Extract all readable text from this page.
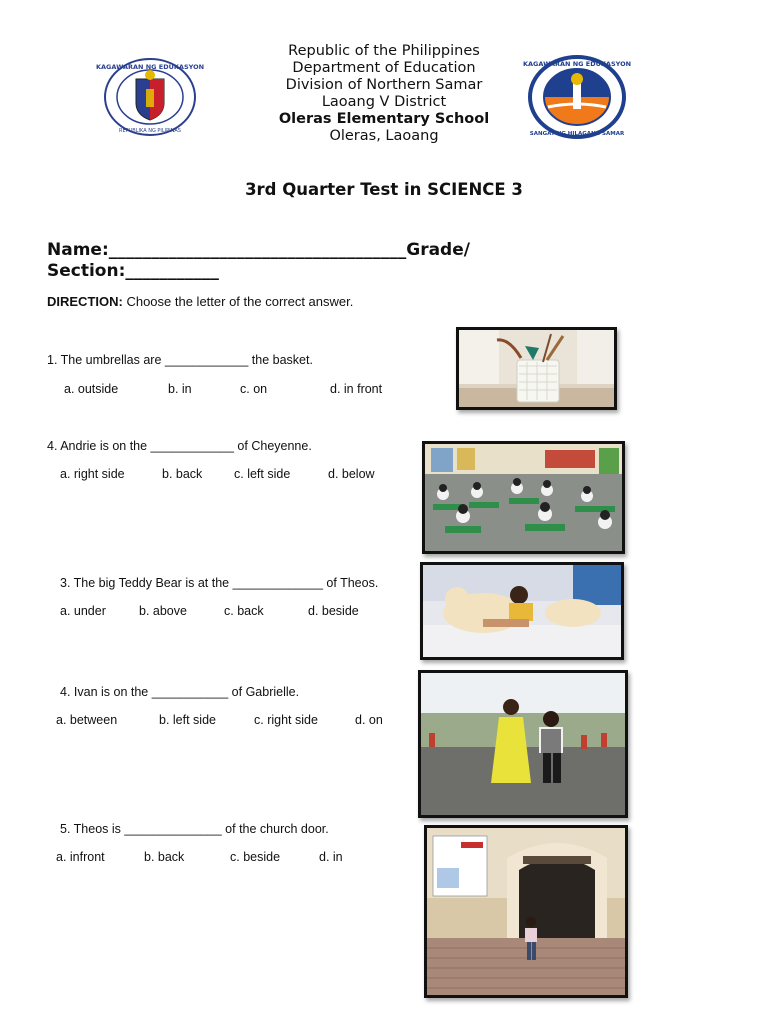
KAGAWARAN NG EDUKASYON
REPUBLIKA NG PILIPINAS
KAGAWARAN NG EDUKASYON
SANGAY NG HILAGANG SAMAR
Republic of the Philippines
Department of Education
Division of Northern Samar
Laoang V District
Oleras Elementary School
Oleras, Laoang
3rd Quarter Test in SCIENCE 3
Name:___________________________________Grade/
Section:___________
DIRECTION: Choose the letter of the correct answer.
1. The umbrellas are ____________ the basket.
a. outside	b. in	c. on	d. in front
4. Andrie is on the ____________ of Cheyenne.
a. right side	b. back	c. left side	d. below
3. The big Teddy Bear is at the _____________ of Theos.
a. under	b. above	c. back	d. beside
4. Ivan is on the ___________ of Gabrielle.
a. between	b. left side	c. right side	d. on
5. Theos is ______________ of the church door.
a. infront	b. back	c. beside	d. in
